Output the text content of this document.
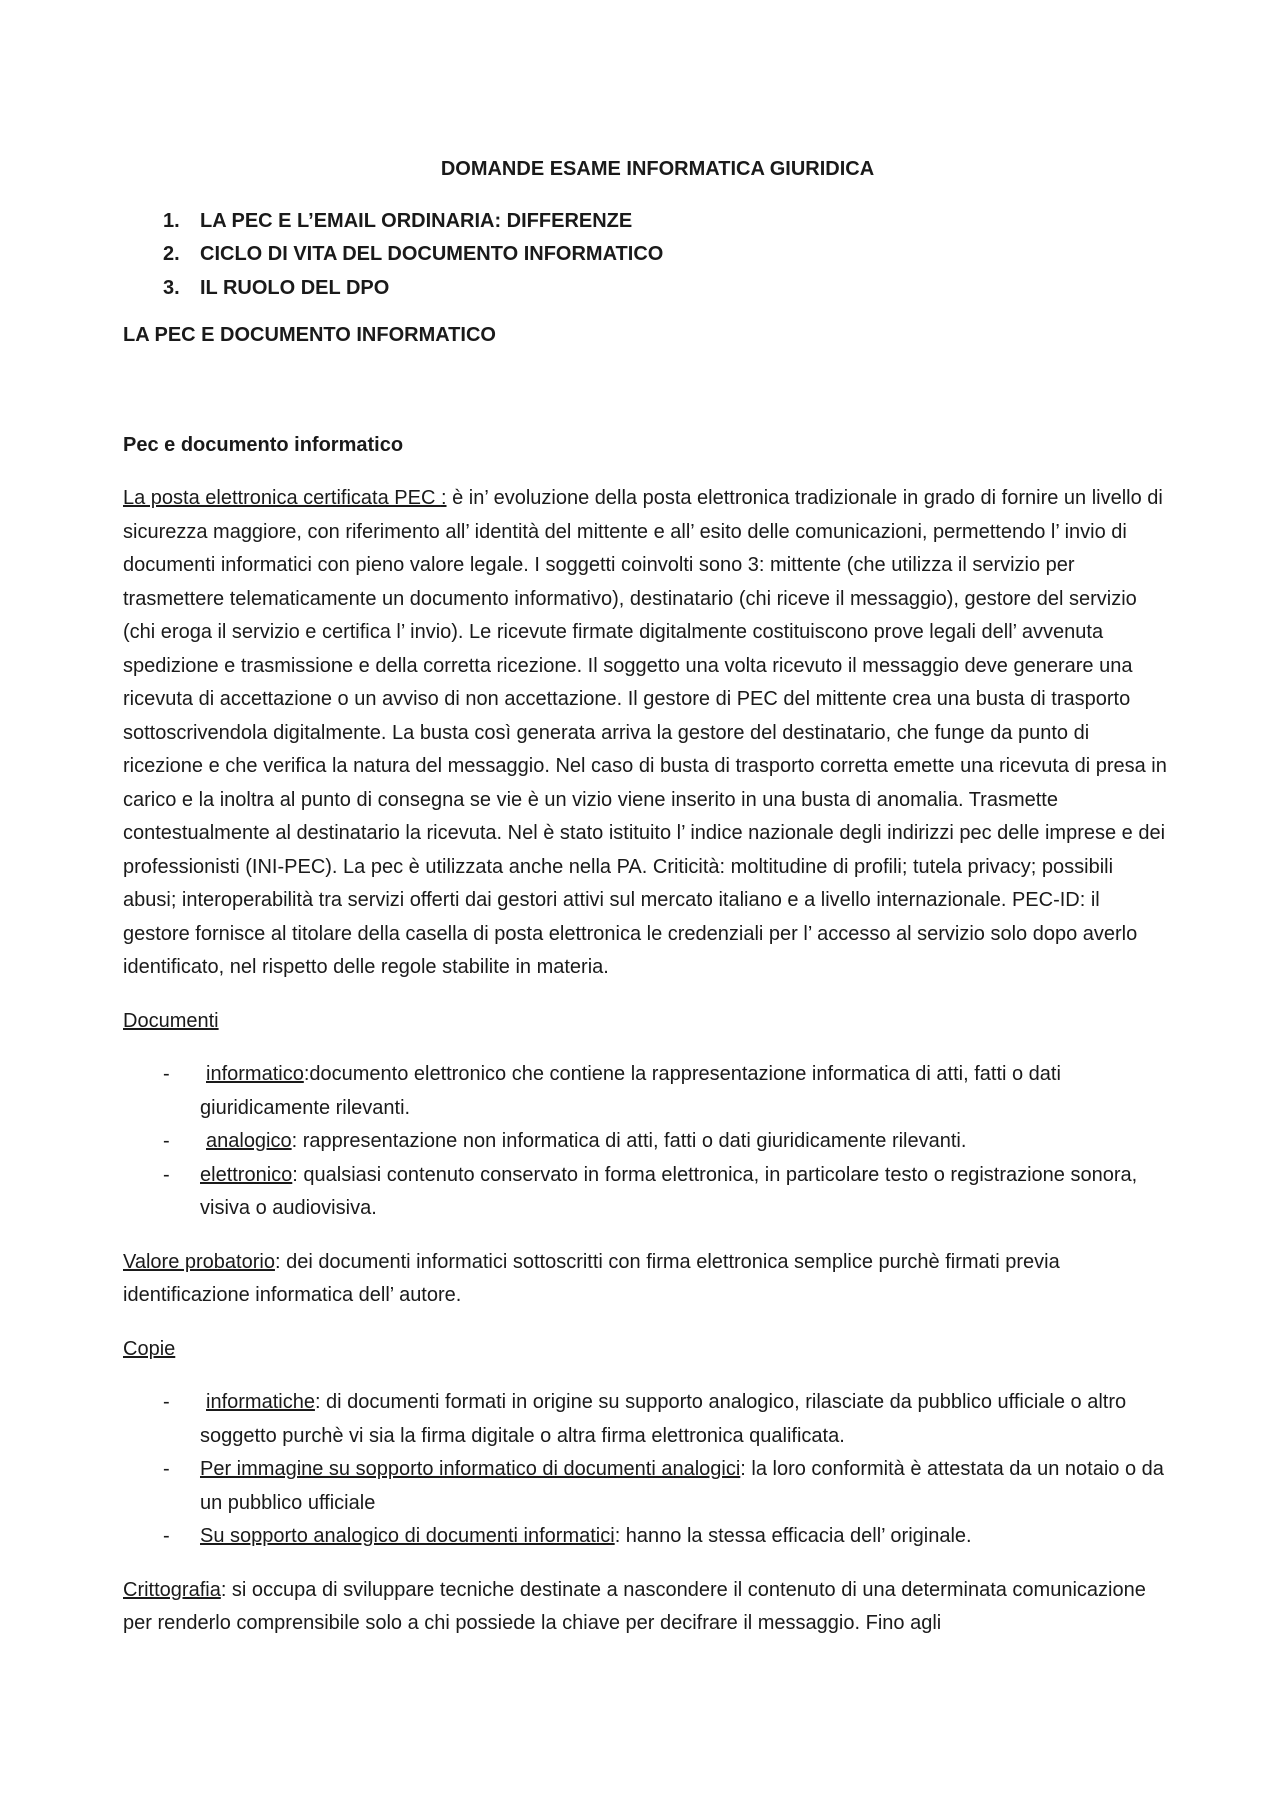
DOMANDE ESAME INFORMATICA GIURIDICA
1. LA PEC E L’EMAIL ORDINARIA: DIFFERENZE
2. CICLO DI VITA DEL DOCUMENTO INFORMATICO
3. IL RUOLO DEL DPO
LA PEC E DOCUMENTO INFORMATICO
Pec e documento informatico

La posta elettronica certificata PEC : è in’ evoluzione della posta elettronica tradizionale in grado di fornire un livello di sicurezza maggiore, con riferimento all’ identità del mittente e all’ esito delle comunicazioni, permettendo l’ invio di documenti informatici con pieno valore legale. I soggetti coinvolti sono 3: mittente (che utilizza il servizio per trasmettere telematicamente un documento informativo), destinatario (chi riceve il messaggio), gestore del servizio (chi eroga il servizio e certifica l’ invio). Le ricevute firmate digitalmente costituiscono prove legali dell’ avvenuta spedizione e trasmissione e della corretta ricezione. Il soggetto una volta ricevuto il messaggio deve generare una ricevuta di accettazione o un avviso di non accettazione. Il gestore di PEC del mittente crea una busta di trasporto sottoscrivendola digitalmente. La busta così generata arriva la gestore del destinatario, che funge da punto di ricezione e che verifica la natura del messaggio. Nel caso di busta di trasporto corretta emette una ricevuta di presa in carico e la inoltra al punto di consegna se vie è un vizio viene inserito in una busta di anomalia. Trasmette contestualmente al destinatario la ricevuta. Nel è stato istituito l’ indice nazionale degli indirizzi pec delle imprese e dei professionisti (INI-PEC). La pec è utilizzata anche nella PA. Criticità: moltitudine di profili; tutela privacy; possibili abusi; interoperabilità tra servizi offerti dai gestori attivi sul mercato italiano e a livello internazionale. PEC-ID: il gestore fornisce al titolare della casella di posta elettronica le credenziali per l’ accesso al servizio solo dopo averlo identificato, nel rispetto delle regole stabilite in materia.

Documenti
- informatico:documento elettronico che contiene la rappresentazione informatica di atti, fatti o dati giuridicamente rilevanti.
- analogico: rappresentazione non informatica di atti, fatti o dati giuridicamente rilevanti.
- elettronico: qualsiasi contenuto conservato in forma elettronica, in particolare testo o registrazione sonora, visiva o audiovisiva.

Valore probatorio: dei documenti informatici sottoscritti con firma elettronica semplice purchè firmati previa identificazione informatica dell’ autore.

Copie
- informatiche: di documenti formati in origine su supporto analogico, rilasciate da pubblico ufficiale o altro soggetto purchè vi sia la firma digitale o altra firma elettronica qualificata.
- Per immagine su sopporto informatico di documenti analogici: la loro conformità è attestata da un notaio o da un pubblico ufficiale
- Su sopporto analogico di documenti informatici: hanno la stessa efficacia dell’ originale.

Crittografia: si occupa di sviluppare tecniche destinate a nascondere il contenuto di una determinata comunicazione per renderlo comprensibile solo a chi possiede la chiave per decifrare il messaggio. Fino agli
